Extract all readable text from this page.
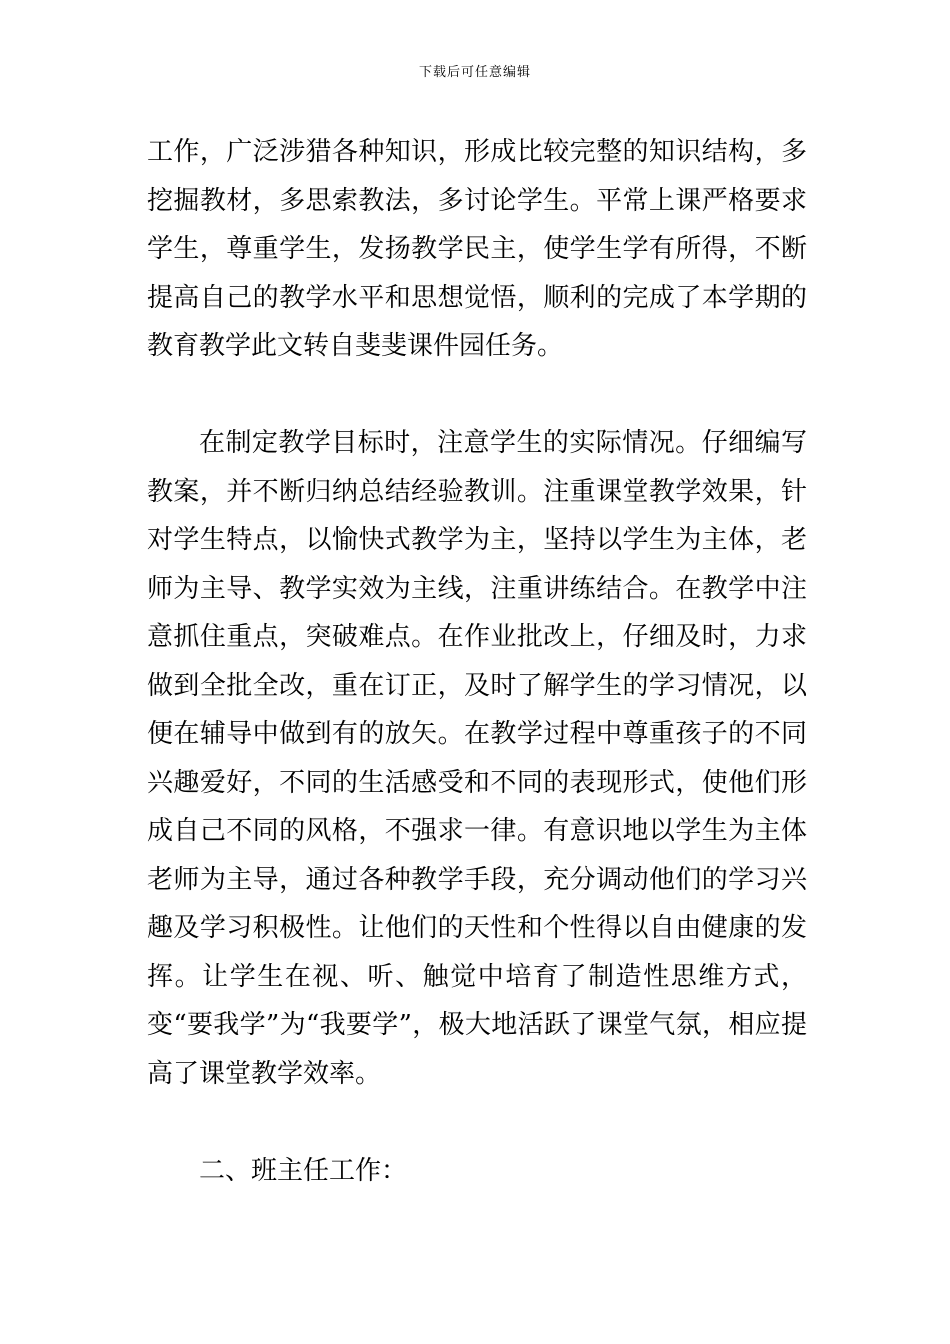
下载后可任意编辑

工作，广泛涉猎各种知识，形成比较完整的知识结构，多挖掘教材，多思索教法，多讨论学生。平常上课严格要求学生，尊重学生，发扬教学民主，使学生学有所得，不断提高自己的教学水平和思想觉悟，顺利的完成了本学期的教育教学此文转自斐斐课件园任务。

在制定教学目标时，注意学生的实际情况。仔细编写教案，并不断归纳总结经验教训。注重课堂教学效果，针对学生特点，以愉快式教学为主，坚持以学生为主体，老师为主导、教学实效为主线，注重讲练结合。在教学中注意抓住重点，突破难点。在作业批改上，仔细及时，力求做到全批全改，重在订正，及时了解学生的学习情况，以便在辅导中做到有的放矢。在教学过程中尊重孩子的不同兴趣爱好，不同的生活感受和不同的表现形式，使他们形成自己不同的风格，不强求一律。有意识地以学生为主体老师为主导，通过各种教学手段，充分调动他们的学习兴趣及学习积极性。让他们的天性和个性得以自由健康的发挥。让学生在视、听、触觉中培育了制造性思维方式，变“要我学”为“我要学”，极大地活跃了课堂气氛，相应提高了课堂教学效率。

二、班主任工作：
